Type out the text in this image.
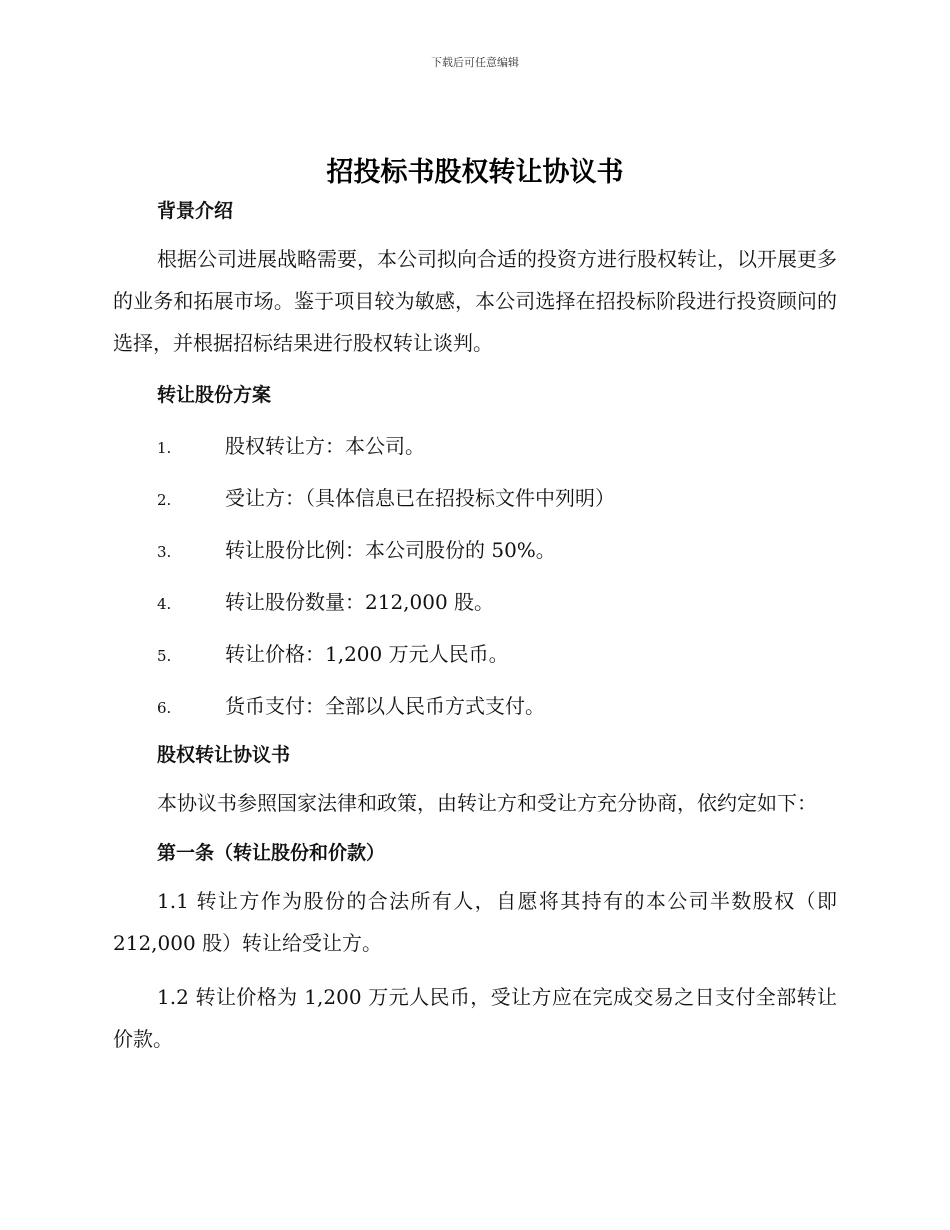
下载后可任意编辑
招投标书股权转让协议书

背景介绍

根据公司进展战略需要，本公司拟向合适的投资方进行股权转让，以开展更多的业务和拓展市场。鉴于项目较为敏感，本公司选择在招投标阶段进行投资顾问的选择，并根据招标结果进行股权转让谈判。

转让股份方案

1.	股权转让方：本公司。
2.	受让方：（具体信息已在招投标文件中列明）
3.	转让股份比例：本公司股份的 50%。
4.	转让股份数量：212,000 股。
5.	转让价格：1,200 万元人民币。
6.	货币支付：全部以人民币方式支付。

股权转让协议书

本协议书参照国家法律和政策，由转让方和受让方充分协商，依约定如下：

第一条（转让股份和价款）

1.1 转让方作为股份的合法所有人，自愿将其持有的本公司半数股权（即 212,000 股）转让给受让方。

1.2 转让价格为 1,200 万元人民币，受让方应在完成交易之日支付全部转让价款。
